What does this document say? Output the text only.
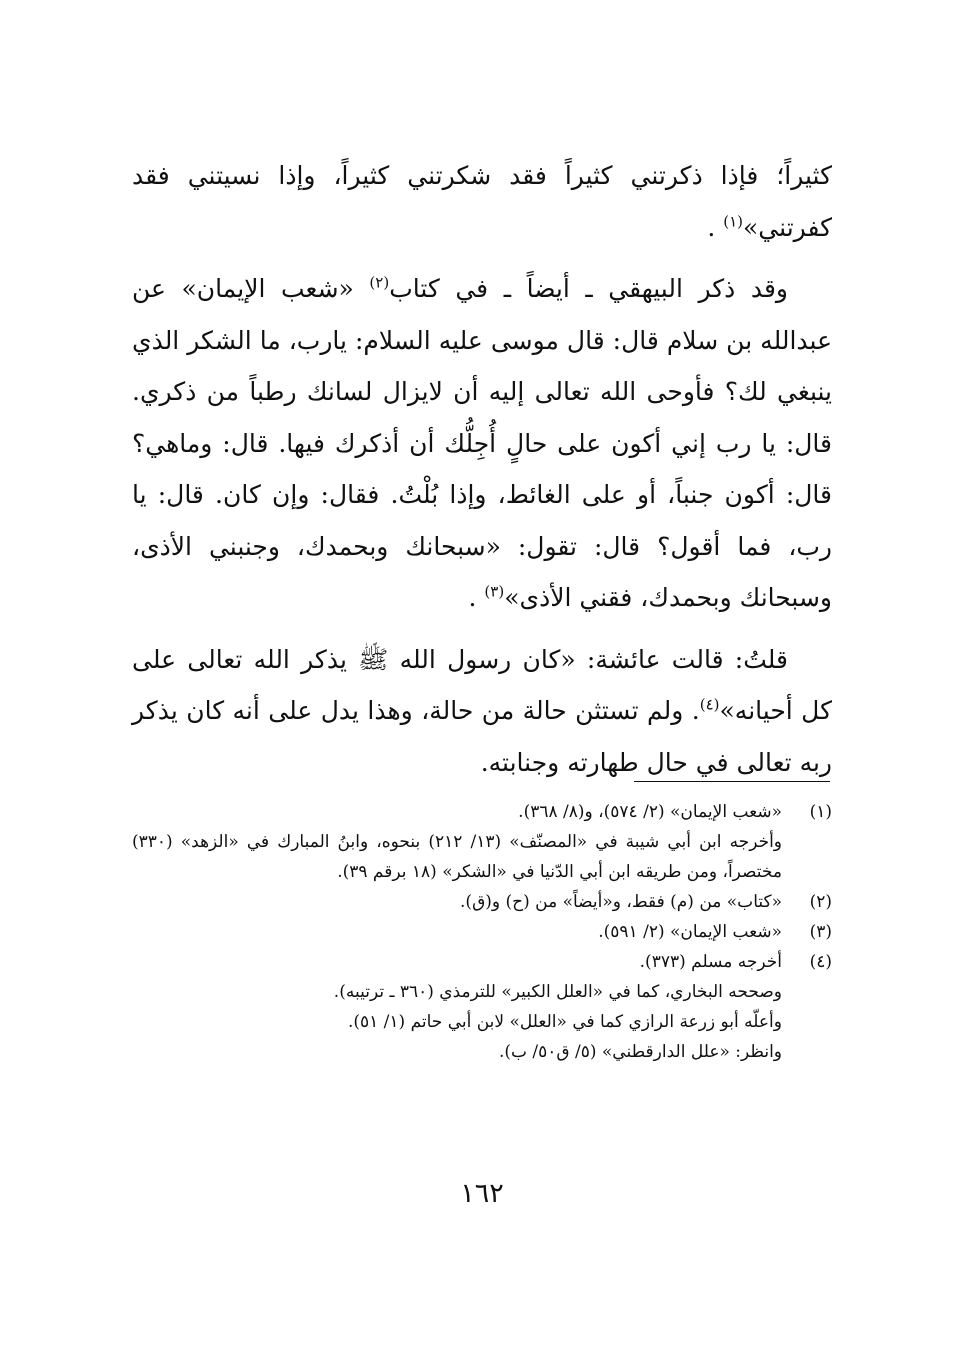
كثيراً؛ فإذا ذكرتني كثيراً فقد شكرتني كثيراً، وإذا نسيتني فقد كفرتني»$^{(١)}$ .

وقد ذكر البيهقي ـ أيضاً ـ في كتاب$^{(٢)}$ «شعب الإيمان» عن عبدالله بن سلام قال: قال موسى عليه السلام: يارب، ما الشكر الذي ينبغي لك؟ فأوحى الله تعالى إليه أن لايزال لسانك رطباً من ذكري. قال: يا رب إني أكون على حالٍ أُجِلُّك أن أذكرك فيها. قال: وماهي؟ قال: أكون جنباً، أو على الغائط، وإذا بُلْتُ. فقال: وإن كان. قال: يا رب، فما أقول؟ قال: تقول: «سبحانك وبحمدك، وجنبني الأذى، وسبحانك وبحمدك، فقني الأذى»$^{(٣)}$ .

قلتُ: قالت عائشة: «كان رسول الله ﷺ يذكر الله تعالى على كل أحيانه»$^{(٤)}$. ولم تستثن حالة من حالة، وهذا يدل على أنه كان يذكر ربه تعالى في حال طهارته وجنابته.

(١)
«شعب الإيمان» (٢/ ٥٧٤)، و(٨/ ٣٦٨).
وأخرجه ابن أبي شيبة في «المصنّف» (١٣/ ٢١٢) بنحوه، وابنُ المبارك في «الزهد» (٣٣٠) مختصراً، ومن طريقه ابن أبي الدّنيا في «الشكر» (١٨ برقم ٣٩).
(٢)
«كتاب» من (م) فقط، و«أيضاً» من (ح) و(ق).
(٣)
«شعب الإيمان» (٢/ ٥٩١).
(٤)
أخرجه مسلم (٣٧٣).
وصححه البخاري، كما في «العلل الكبير» للترمذي (٣٦٠ ـ ترتيبه).
وأعلّه أبو زرعة الرازي كما في «العلل» لابن أبي حاتم (١/ ٥١).
وانظر: «علل الدارقطني» (٥/ ق٥٠/ ب).
١٦٢
